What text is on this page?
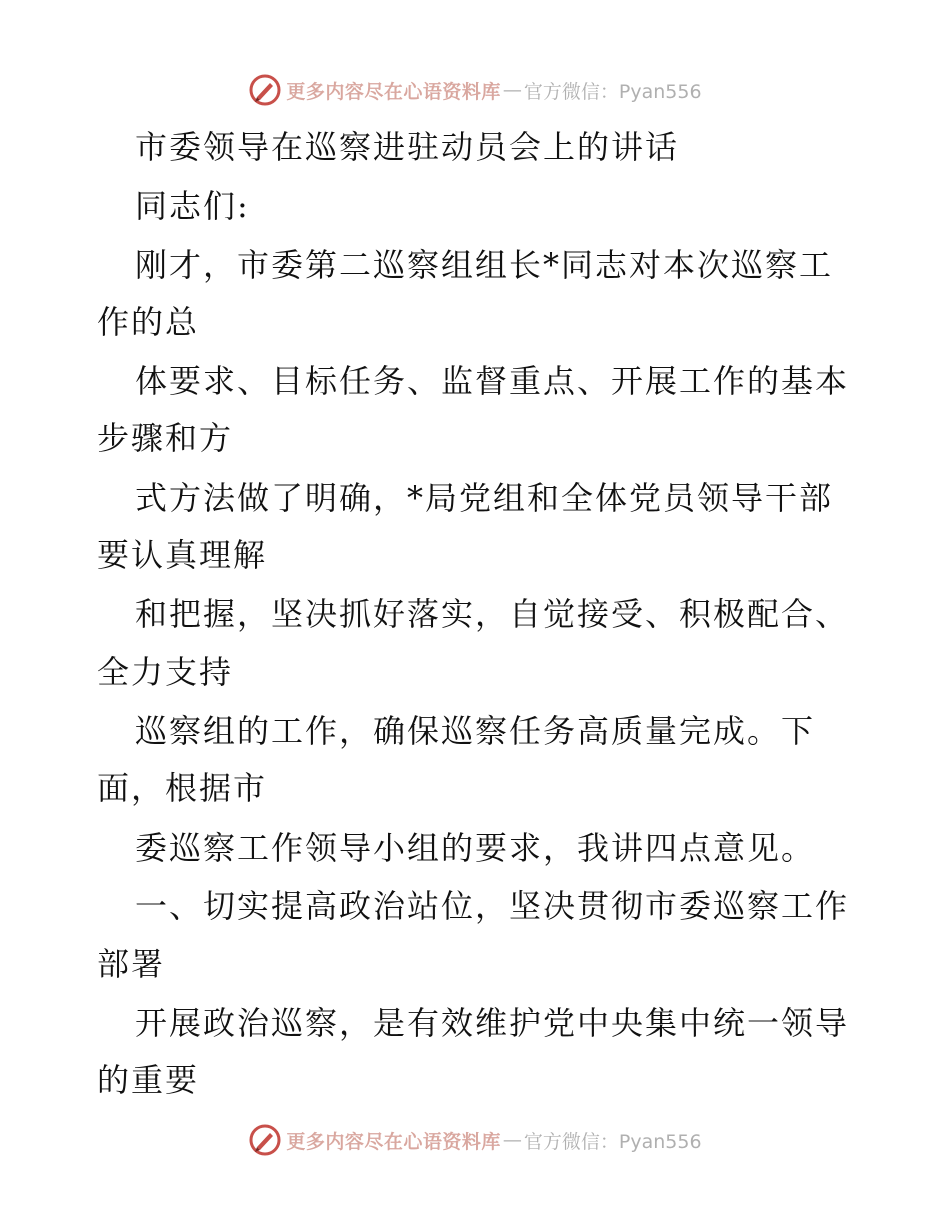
更多内容尽在心语资料库 — 官方微信：Pyan556
市委领导在巡察进驻动员会上的讲话
同志们:
刚才，市委第二巡察组组长*同志对本次巡察工
作的总
体要求、目标任务、监督重点、开展工作的基本
步骤和方
式方法做了明确，*局党组和全体党员领导干部
要认真理解
和把握，坚决抓好落实，自觉接受、积极配合、
全力支持
巡察组的工作，确保巡察任务高质量完成。下
面，根据市
委巡察工作领导小组的要求，我讲四点意见。
一、切实提高政治站位，坚决贯彻市委巡察工作
部署
开展政治巡察，是有效维护党中央集中统一领导
的重要
更多内容尽在心语资料库 — 官方微信：Pyan556
